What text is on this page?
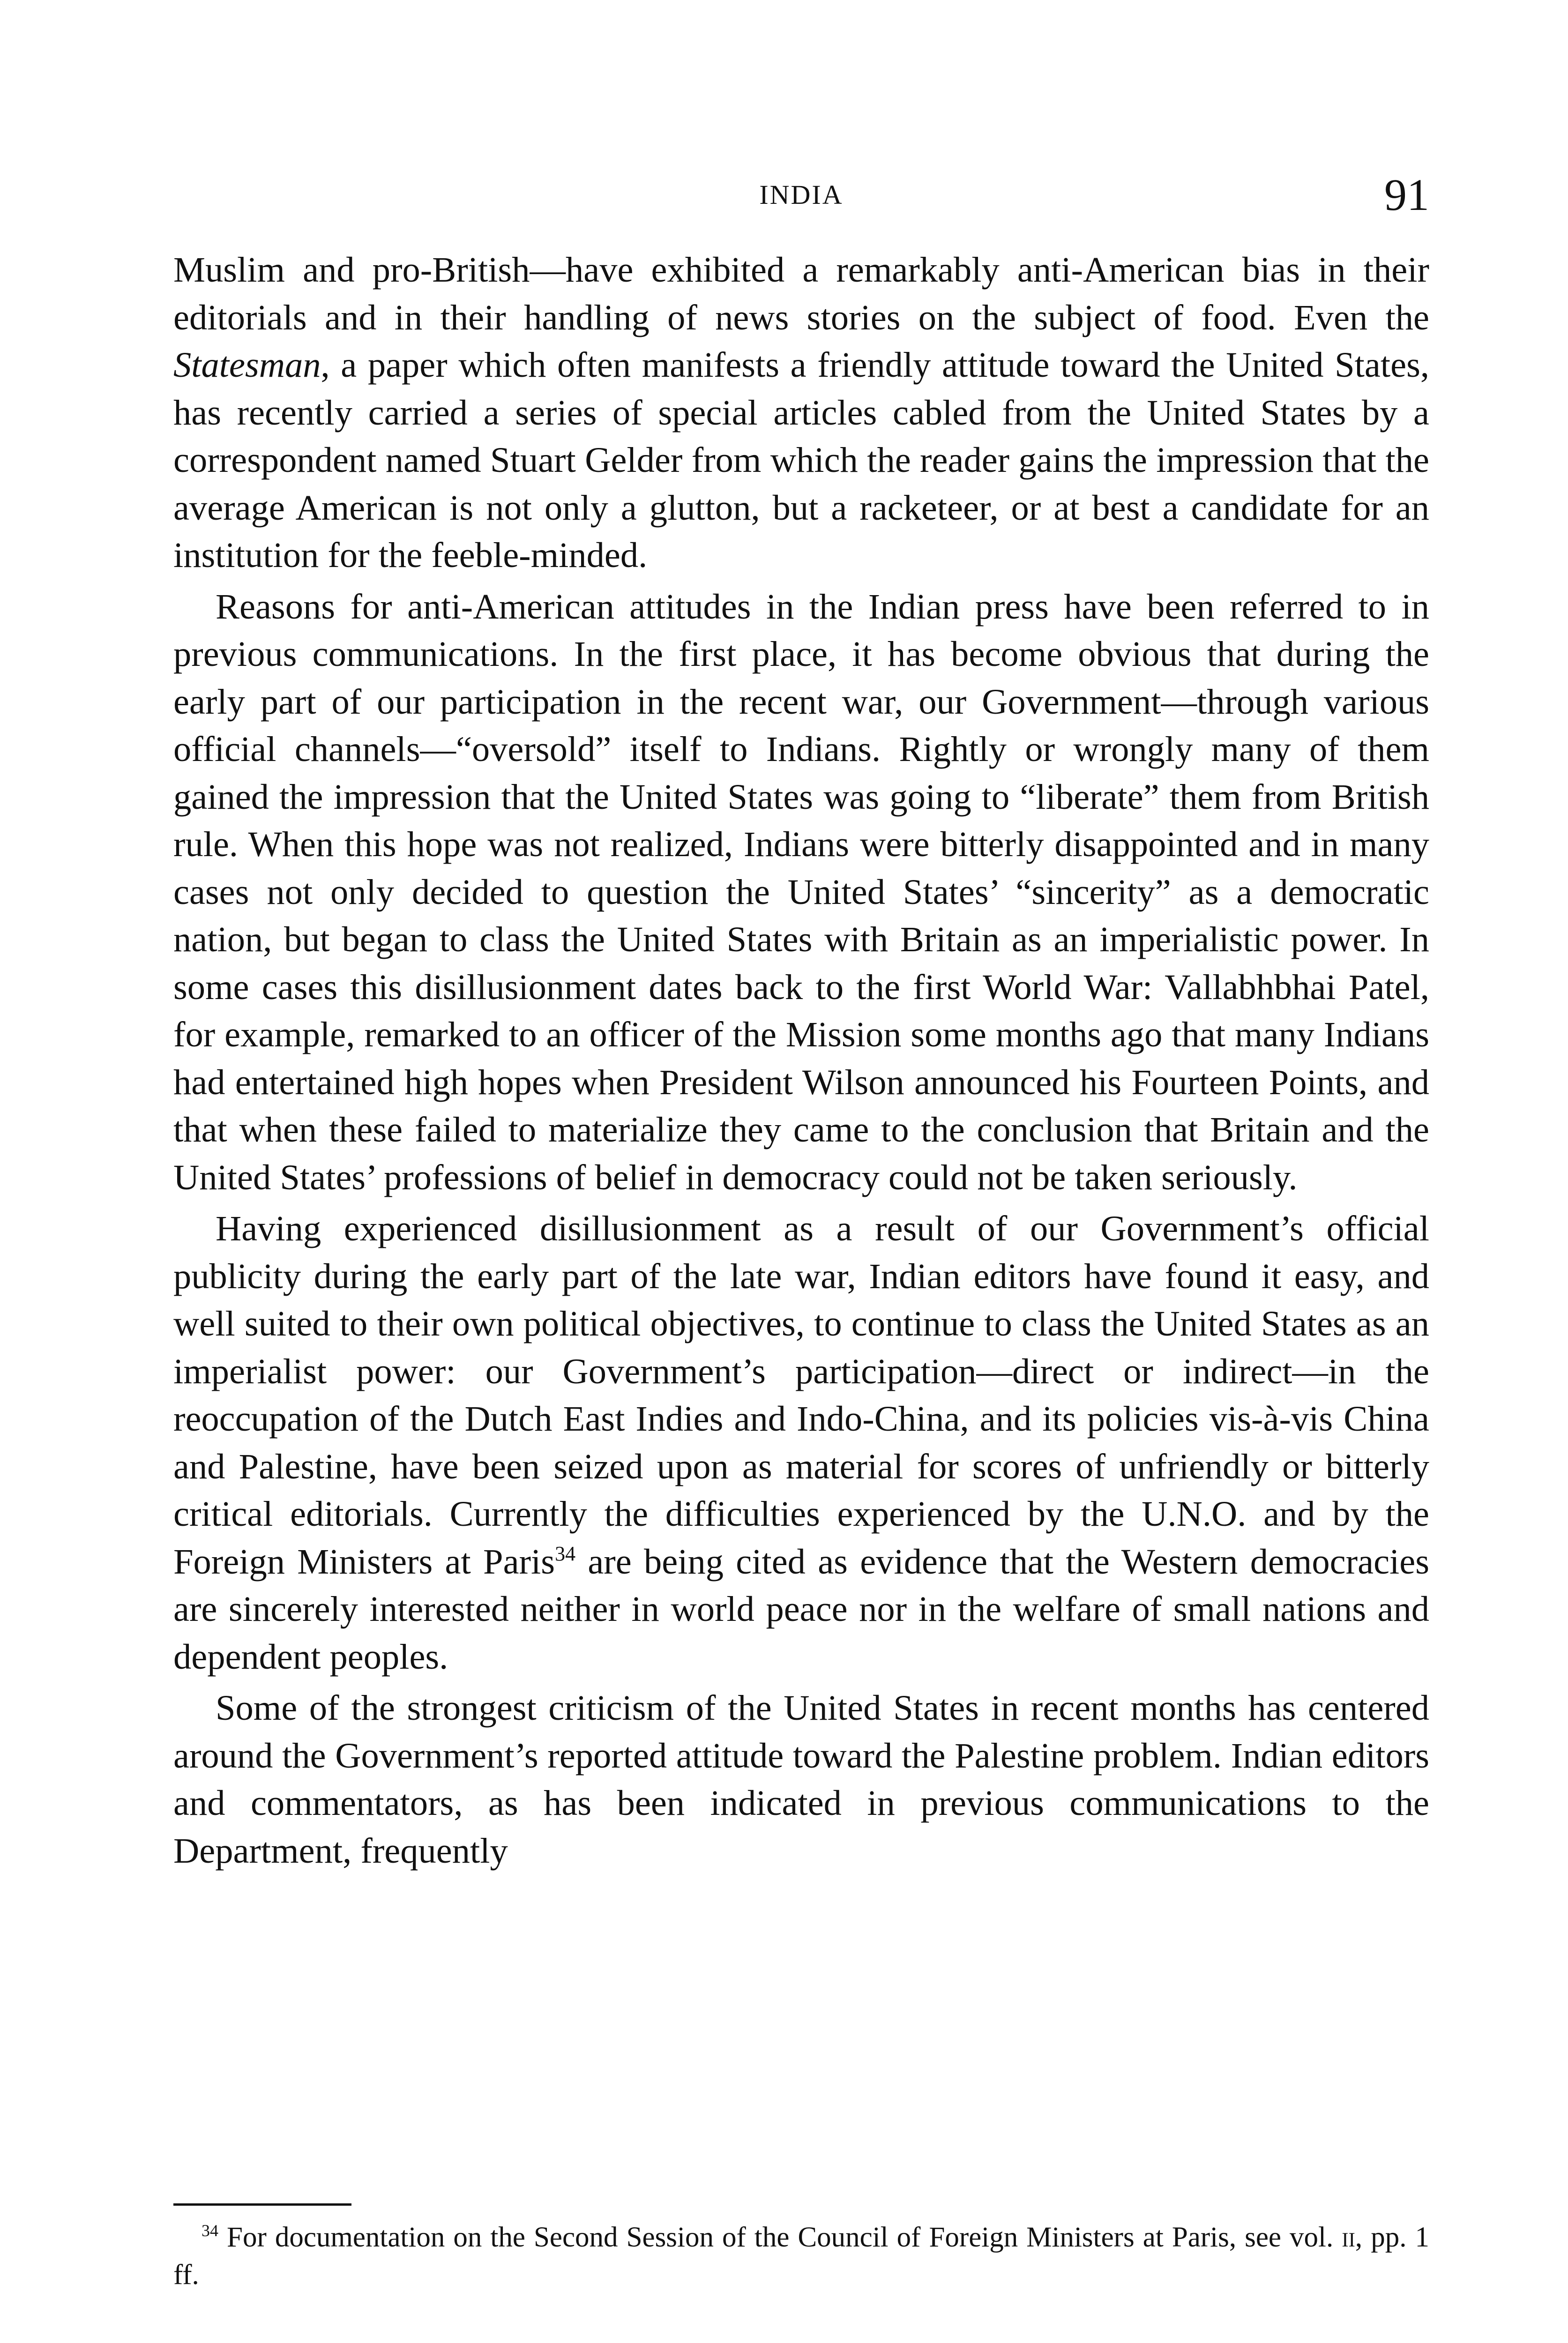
INDIA	91

Muslim and pro-British—have exhibited a remarkably anti-American bias in their editorials and in their handling of news stories on the subject of food. Even the Statesman, a paper which often manifests a friendly attitude toward the United States, has recently carried a series of special articles cabled from the United States by a correspondent named Stuart Gelder from which the reader gains the impression that the average American is not only a glutton, but a racketeer, or at best a candidate for an institution for the feeble-minded.

Reasons for anti-American attitudes in the Indian press have been referred to in previous communications. In the first place, it has become obvious that during the early part of our participation in the recent war, our Government—through various official channels—“oversold” itself to Indians. Rightly or wrongly many of them gained the impression that the United States was going to “liberate” them from British rule. When this hope was not realized, Indians were bitterly disappointed and in many cases not only decided to question the United States’ “sincerity” as a democratic nation, but began to class the United States with Britain as an imperialistic power. In some cases this disillusionment dates back to the first World War: Vallabhbhai Patel, for example, remarked to an officer of the Mission some months ago that many Indians had entertained high hopes when President Wilson announced his Fourteen Points, and that when these failed to materialize they came to the conclusion that Britain and the United States’ professions of belief in democracy could not be taken seriously.

Having experienced disillusionment as a result of our Government’s official publicity during the early part of the late war, Indian editors have found it easy, and well suited to their own political objectives, to continue to class the United States as an imperialist power: our Government’s participation—direct or indirect—in the reoccupation of the Dutch East Indies and Indo-China, and its policies vis-à-vis China and Palestine, have been seized upon as material for scores of unfriendly or bitterly critical editorials. Currently the difficulties experienced by the U.N.O. and by the Foreign Ministers at Paris$^{34}$ are being cited as evidence that the Western democracies are sincerely interested neither in world peace nor in the welfare of small nations and dependent peoples.

Some of the strongest criticism of the United States in recent months has centered around the Government’s reported attitude toward the Palestine problem. Indian editors and commentators, as has been indicated in previous communications to the Department, frequently

$^{34}$ For documentation on the Second Session of the Council of Foreign Ministers at Paris, see vol. ii, pp. 1 ff.
